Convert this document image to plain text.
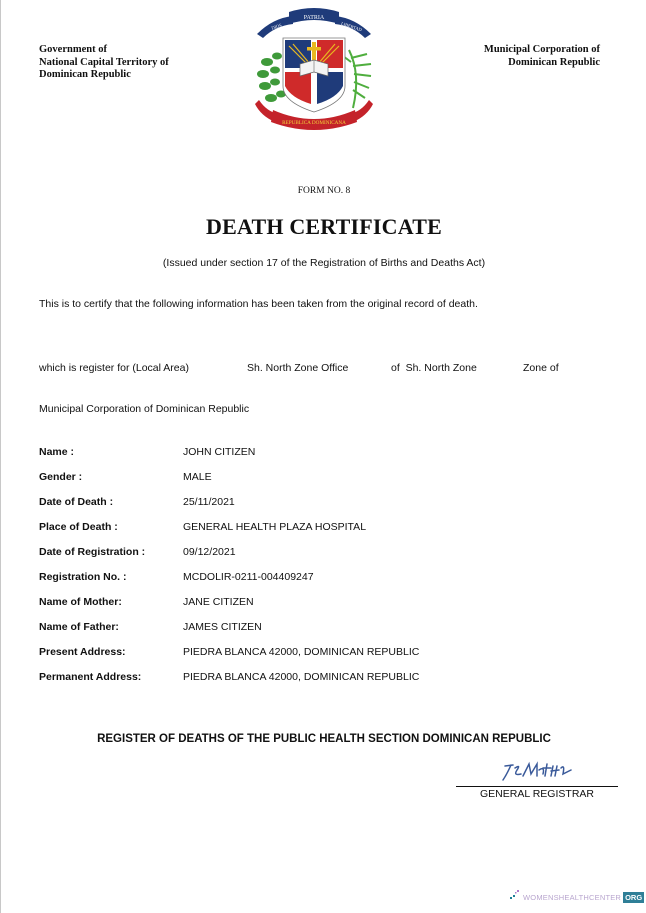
Government of
National Capital Territory of
Dominican Republic
PATRIA
DIOS	LIBERTAD
REPUBLICA DOMINICANA
Municipal Corporation of
Dominican Republic
FORM NO. 8
DEATH CERTIFICATE
(Issued under section 17 of the Registration of Births and Deaths Act)
This is to certify that the following information has been taken from the original record of death.
which is register for (Local Area)	Sh. North Zone Office	of  Sh. North Zone	Zone of
Municipal Corporation of Dominican Republic
Name :	JOHN CITIZEN
Gender :	MALE
Date of Death :	25/11/2021
Place of Death :	GENERAL HEALTH PLAZA HOSPITAL
Date of Registration :	09/12/2021
Registration No. :	MCDOLIR-0211-004409247
Name of Mother:	JANE CITIZEN
Name of Father:	JAMES CITIZEN
Present Address:	PIEDRA BLANCA 42000, DOMINICAN REPUBLIC
Permanent Address:	PIEDRA BLANCA 42000, DOMINICAN REPUBLIC
REGISTER OF DEATHS OF THE PUBLIC HEALTH SECTION DOMINICAN REPUBLIC
GENERAL REGISTRAR
WOMENSHEALTHCENTER ORG
